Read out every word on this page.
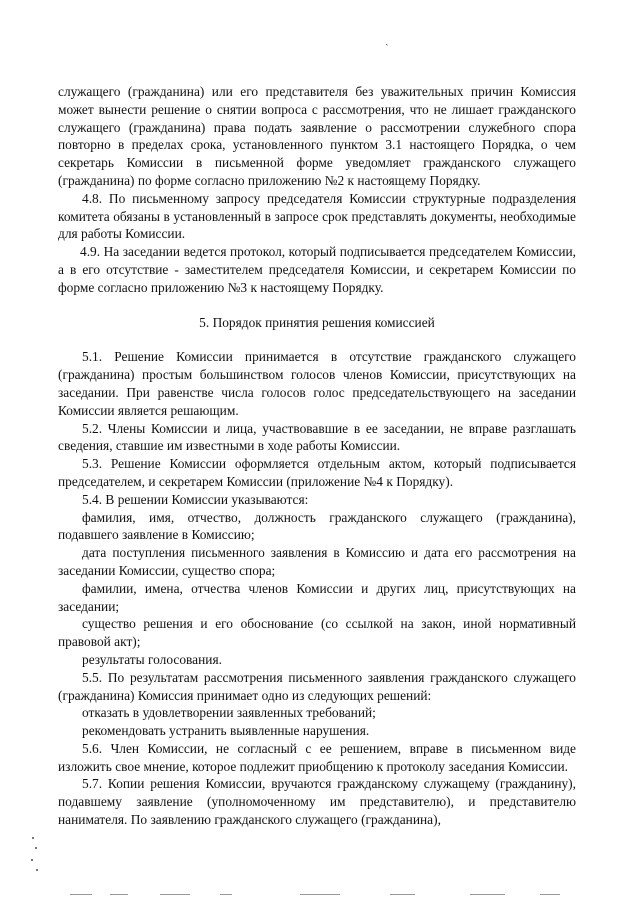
ˏ

служащего (гражданина) или его представителя без уважительных причин Комиссия может вынести решение о снятии вопроса с рассмотрения, что не лишает гражданского служащего (гражданина) права подать заявление о рассмотрении служебного спора повторно в пределах срока, установленного пунктом 3.1 настоящего Порядка, о чем секретарь Комиссии в письменной форме уведомляет гражданского служащего (гражданина) по форме согласно приложению №2 к настоящему Порядку.

4.8. По письменному запросу председателя Комиссии структурные подразделения комитета обязаны в установленный в запросе срок представлять документы, необходимые для работы Комиссии.

4.9. На заседании ведется протокол, который подписывается председателем Комиссии, а в его отсутствие - заместителем председателя Комиссии, и секретарем Комиссии по форме согласно приложению №3 к настоящему Порядку.

5. Порядок принятия решения комиссией

5.1. Решение Комиссии принимается в отсутствие гражданского служащего (гражданина) простым большинством голосов членов Комиссии, присутствующих на заседании. При равенстве числа голосов голос председательствующего на заседании Комиссии является решающим.

5.2. Члены Комиссии и лица, участвовавшие в ее заседании, не вправе разглашать сведения, ставшие им известными в ходе работы Комиссии.

5.3. Решение Комиссии оформляется отдельным актом, который подписывается председателем, и секретарем Комиссии (приложение №4 к Порядку).

5.4. В решении Комиссии указываются:

фамилия, имя, отчество, должность гражданского служащего (гражданина), подавшего заявление в Комиссию;

дата поступления письменного заявления в Комиссию и дата его рассмотрения на заседании Комиссии, существо спора;

фамилии, имена, отчества членов Комиссии и других лиц, присутствующих на заседании;

существо решения и его обоснование (со ссылкой на закон, иной нормативный правовой акт);

результаты голосования.

5.5. По результатам рассмотрения письменного заявления гражданского служащего (гражданина) Комиссия принимает одно из следующих решений:

отказать в удовлетворении заявленных требований;

рекомендовать устранить выявленные нарушения.

5.6. Член Комиссии, не согласный с ее решением, вправе в письменном виде изложить свое мнение, которое подлежит приобщению к протоколу заседания Комиссии.

5.7. Копии решения Комиссии, вручаются гражданскому служащему (гражданину), подавшему заявление (уполномоченному им представителю), и представителю нанимателя. По заявлению гражданского служащего (гражданина),
